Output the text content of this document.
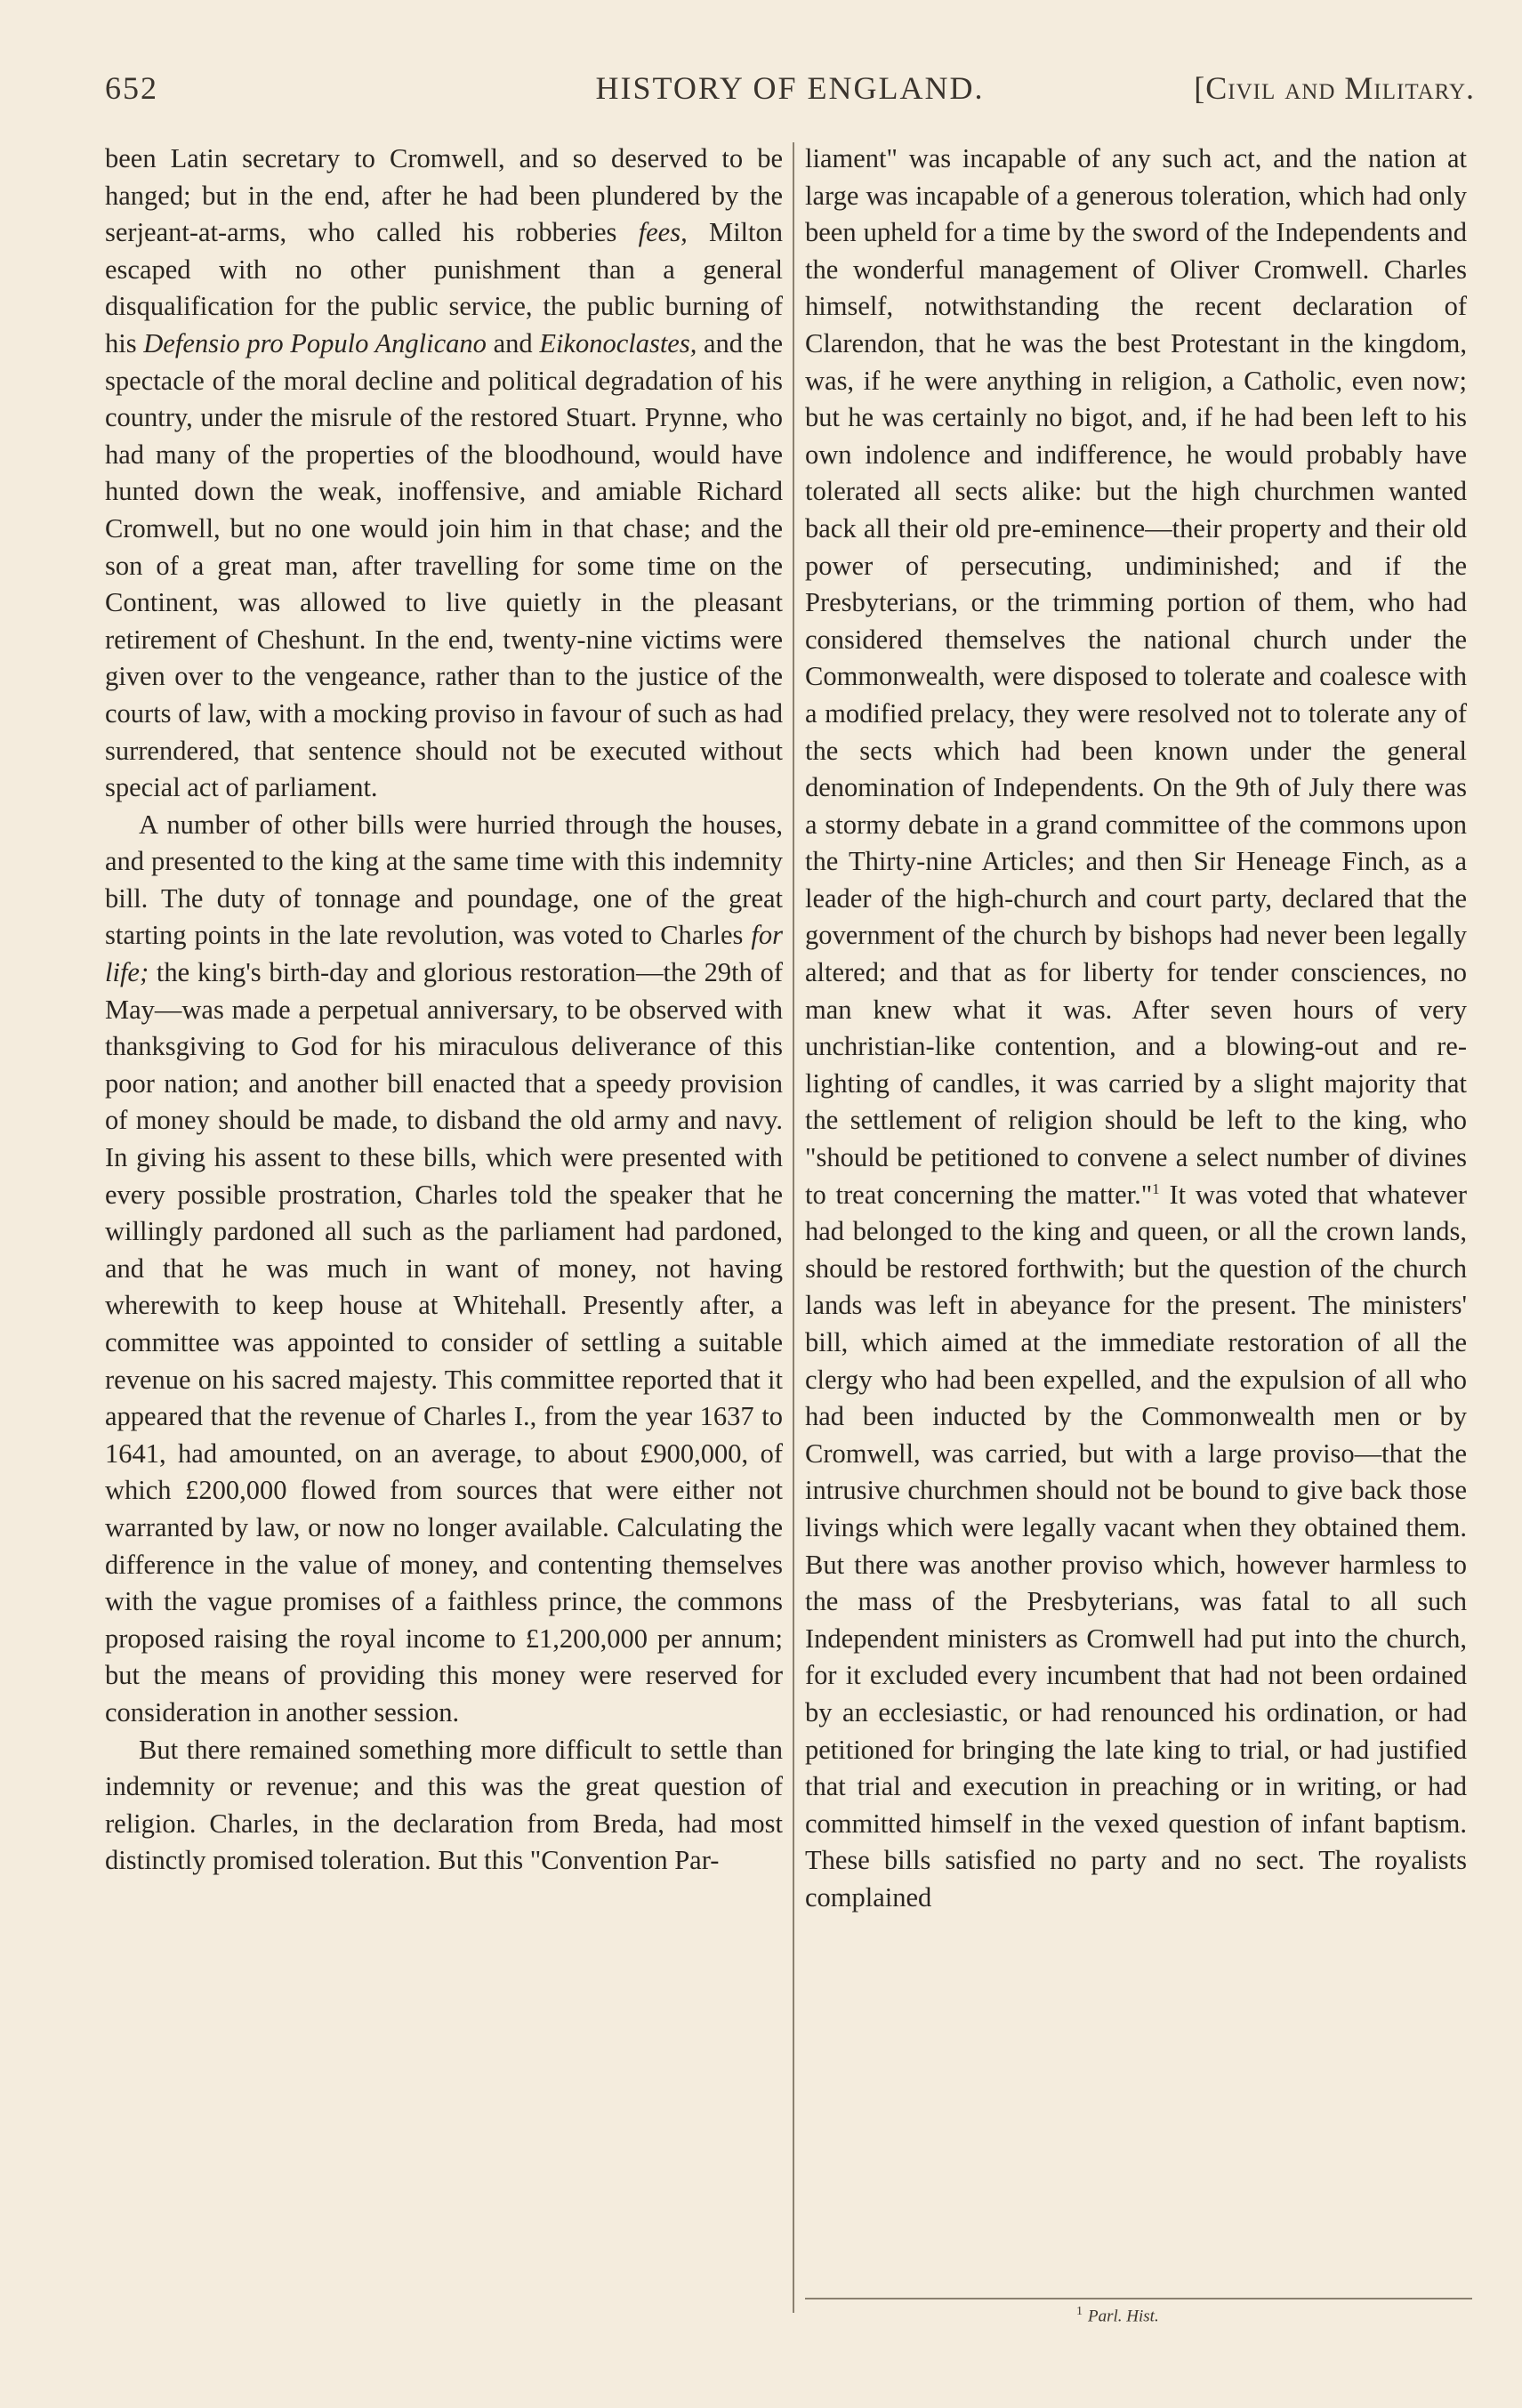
652	HISTORY OF ENGLAND.	[Civil and Military.

been Latin secretary to Cromwell, and so deserved to be hanged; but in the end, after he had been plundered by the serjeant-at-arms, who called his robberies fees, Milton escaped with no other punishment than a general disqualification for the public service, the public burning of his Defensio pro Populo Anglicano and Eikonoclastes, and the spectacle of the moral decline and political degradation of his country, under the misrule of the restored Stuart. Prynne, who had many of the properties of the bloodhound, would have hunted down the weak, inoffensive, and amiable Richard Cromwell, but no one would join him in that chase; and the son of a great man, after travelling for some time on the Continent, was allowed to live quietly in the pleasant retirement of Cheshunt. In the end, twenty-nine victims were given over to the vengeance, rather than to the justice of the courts of law, with a mocking proviso in favour of such as had surrendered, that sentence should not be executed without special act of parliament.

A number of other bills were hurried through the houses, and presented to the king at the same time with this indemnity bill. The duty of tonnage and poundage, one of the great starting points in the late revolution, was voted to Charles for life; the king's birth-day and glorious restoration—the 29th of May—was made a perpetual anniversary, to be observed with thanksgiving to God for his miraculous deliverance of this poor nation; and another bill enacted that a speedy provision of money should be made, to disband the old army and navy. In giving his assent to these bills, which were presented with every possible prostration, Charles told the speaker that he willingly pardoned all such as the parliament had pardoned, and that he was much in want of money, not having wherewith to keep house at Whitehall. Presently after, a committee was appointed to consider of settling a suitable revenue on his sacred majesty. This committee reported that it appeared that the revenue of Charles I., from the year 1637 to 1641, had amounted, on an average, to about £900,000, of which £200,000 flowed from sources that were either not warranted by law, or now no longer available. Calculating the difference in the value of money, and contenting themselves with the vague promises of a faithless prince, the commons proposed raising the royal income to £1,200,000 per annum; but the means of providing this money were reserved for consideration in another session.

But there remained something more difficult to settle than indemnity or revenue; and this was the great question of religion. Charles, in the declaration from Breda, had most distinctly promised toleration. But this "Convention Par-

liament" was incapable of any such act, and the nation at large was incapable of a generous toleration, which had only been upheld for a time by the sword of the Independents and the wonderful management of Oliver Cromwell. Charles himself, notwithstanding the recent declaration of Clarendon, that he was the best Protestant in the kingdom, was, if he were anything in religion, a Catholic, even now; but he was certainly no bigot, and, if he had been left to his own indolence and indifference, he would probably have tolerated all sects alike: but the high churchmen wanted back all their old pre-eminence—their property and their old power of persecuting, undiminished; and if the Presbyterians, or the trimming portion of them, who had considered themselves the national church under the Commonwealth, were disposed to tolerate and coalesce with a modified prelacy, they were resolved not to tolerate any of the sects which had been known under the general denomination of Independents. On the 9th of July there was a stormy debate in a grand committee of the commons upon the Thirty-nine Articles; and then Sir Heneage Finch, as a leader of the high-church and court party, declared that the government of the church by bishops had never been legally altered; and that as for liberty for tender consciences, no man knew what it was. After seven hours of very unchristian-like contention, and a blowing-out and re-lighting of candles, it was carried by a slight majority that the settlement of religion should be left to the king, who "should be petitioned to convene a select number of divines to treat concerning the matter."$^1$ It was voted that whatever had belonged to the king and queen, or all the crown lands, should be restored forthwith; but the question of the church lands was left in abeyance for the present. The ministers' bill, which aimed at the immediate restoration of all the clergy who had been expelled, and the expulsion of all who had been inducted by the Commonwealth men or by Cromwell, was carried, but with a large proviso—that the intrusive churchmen should not be bound to give back those livings which were legally vacant when they obtained them. But there was another proviso which, however harmless to the mass of the Presbyterians, was fatal to all such Independent ministers as Cromwell had put into the church, for it excluded every incumbent that had not been ordained by an ecclesiastic, or had renounced his ordination, or had petitioned for bringing the late king to trial, or had justified that trial and execution in preaching or in writing, or had committed himself in the vexed question of infant baptism. These bills satisfied no party and no sect. The royalists complained

$^1$ Parl. Hist.
